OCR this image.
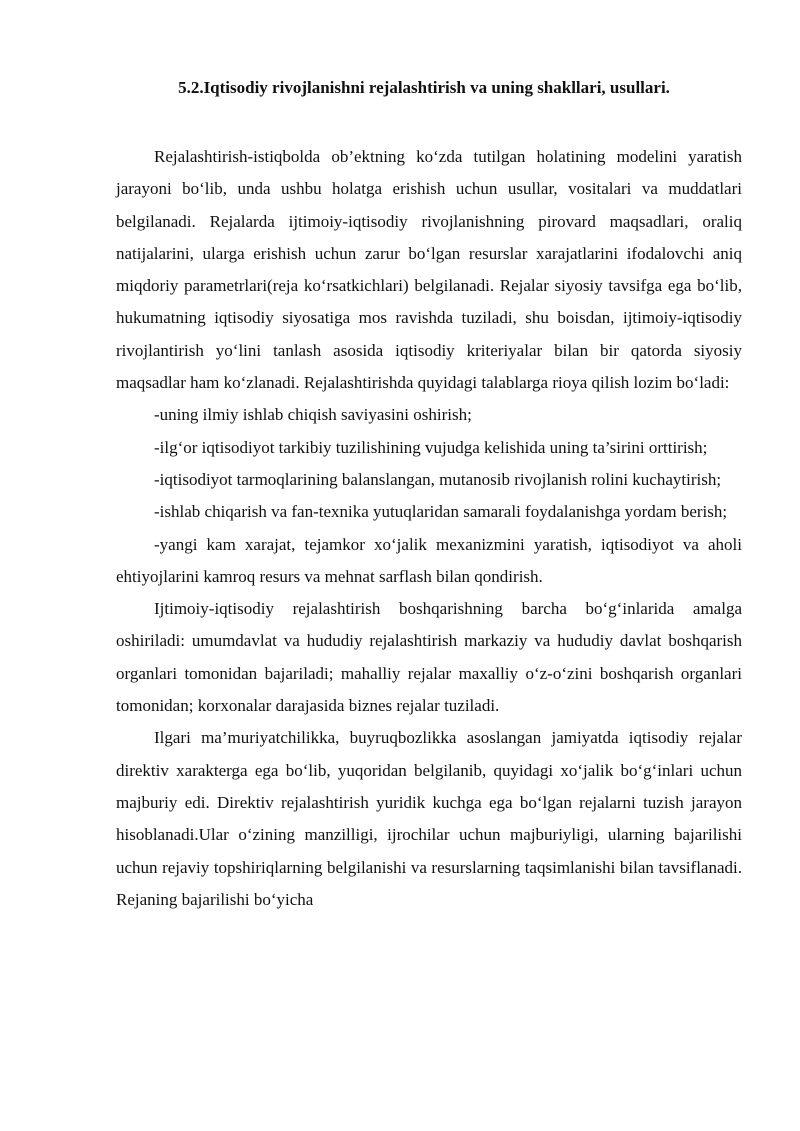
5.2.Iqtisodiy rivojlanishni rejalashtirish va uning shakllari, usullari.

Rejalashtirish-istiqbolda ob’ektning ko‘zda tutilgan holatining modelini yaratish jarayoni bo‘lib, unda ushbu holatga erishish uchun usullar, vositalari va muddatlari belgilanadi. Rejalarda ijtimoiy-iqtisodiy rivojlanishning pirovard maqsadlari, oraliq natijalarini, ularga erishish uchun zarur bo‘lgan resurslar xarajatlarini ifodalovchi aniq miqdoriy parametrlari(reja ko‘rsatkichlari) belgilanadi. Rejalar siyosiy tavsifga ega bo‘lib, hukumatning iqtisodiy siyosatiga mos ravishda tuziladi, shu boisdan, ijtimoiy-iqtisodiy rivojlantirish yo‘lini tanlash asosida iqtisodiy kriteriyalar bilan bir qatorda siyosiy maqsadlar ham ko‘zlanadi. Rejalashtirishda quyidagi talablarga rioya qilish lozim bo‘ladi:

-uning ilmiy ishlab chiqish saviyasini oshirish;

-ilg‘or iqtisodiyot tarkibiy tuzilishining vujudga kelishida uning ta’sirini orttirish;

-iqtisodiyot tarmoqlarining balanslangan, mutanosib rivojlanish rolini kuchaytirish;

-ishlab chiqarish va fan-texnika yutuqlaridan samarali foydalanishga yordam berish;

-yangi kam xarajat, tejamkor xo‘jalik mexanizmini yaratish, iqtisodiyot va aholi ehtiyojlarini kamroq resurs va mehnat sarflash bilan qondirish.

Ijtimoiy-iqtisodiy rejalashtirish boshqarishning barcha bo‘g‘inlarida amalga oshiriladi: umumdavlat va hududiy rejalashtirish markaziy va hududiy davlat boshqarish organlari tomonidan bajariladi; mahalliy rejalar maxalliy o‘z-o‘zini boshqarish organlari tomonidan; korxonalar darajasida biznes rejalar tuziladi.

Ilgari ma’muriyatchilikka, buyruqbozlikka asoslangan jamiyatda iqtisodiy rejalar direktiv xarakterga ega bo‘lib, yuqoridan belgilanib, quyidagi xo‘jalik bo‘g‘inlari uchun majburiy edi. Direktiv rejalashtirish yuridik kuchga ega bo‘lgan rejalarni tuzish jarayon hisoblanadi.Ular o‘zining manzilligi, ijrochilar uchun majburiyligi, ularning bajarilishi uchun rejaviy topshiriqlarning belgilanishi va resurslarning taqsimlanishi bilan tavsiflanadi. Rejaning bajarilishi bo‘yicha
